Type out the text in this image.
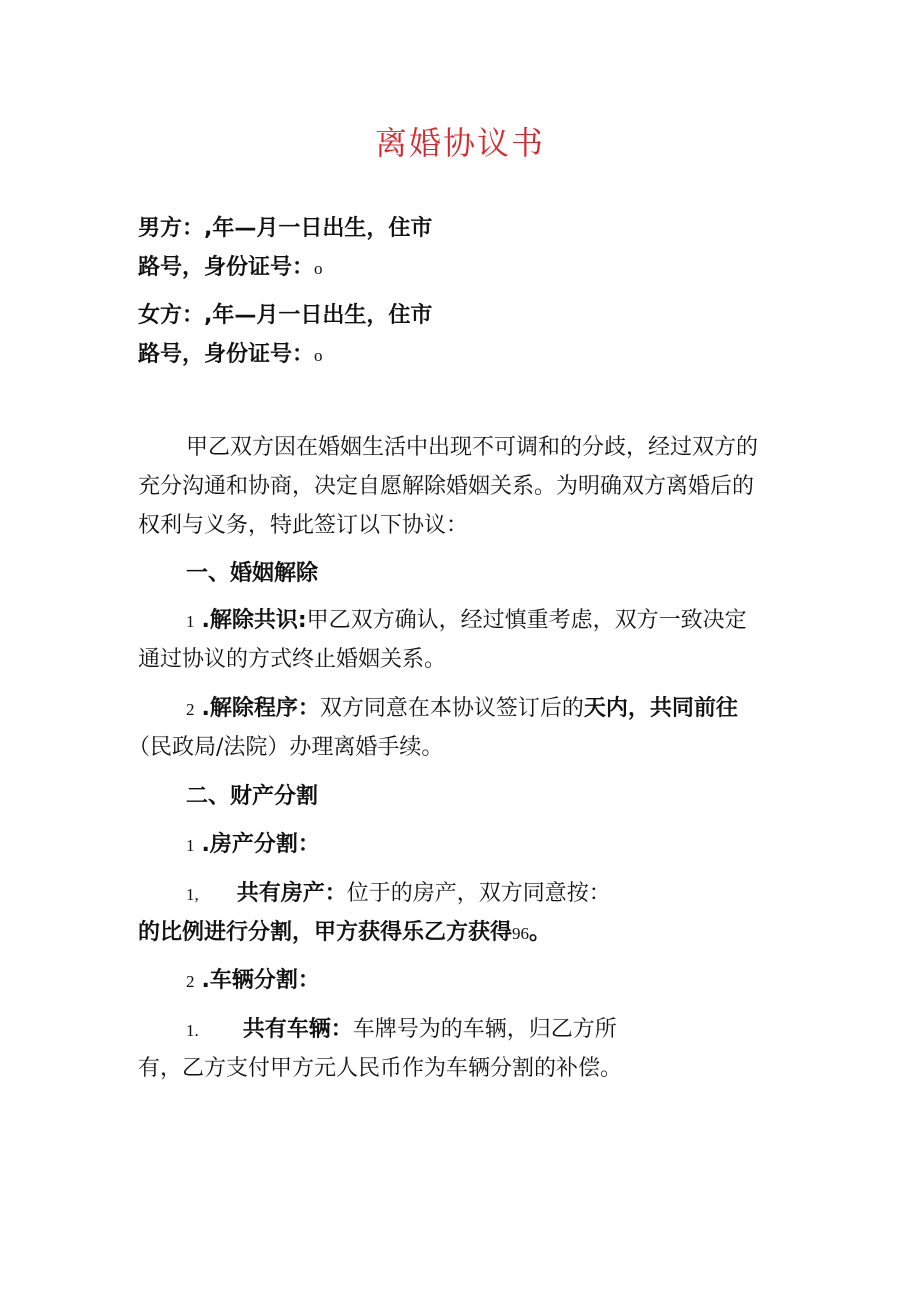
离婚协议书
男方：,年—月一日出生，住市
路号，身份证号：o
女方：,年—月一日出生，住市
路号，身份证号：o
甲乙双方因在婚姻生活中出现不可调和的分歧，经过双方的
充分沟通和协商，决定自愿解除婚姻关系。为明确双方离婚后的
权利与义务，特此签订以下协议：
一、婚姻解除
1 .解除共识:甲乙双方确认，经过慎重考虑，双方一致决定
通过协议的方式终止婚姻关系。
2 .解除程序：双方同意在本协议签订后的天内，共同前往
（民政局/法院）办理离婚手续。
二、财产分割
1 .房产分割：
1, 共有房产：位于的房产，双方同意按：
的比例进行分割，甲方获得乐乙方获得96。
2 .车辆分割：
1. 共有车辆：车牌号为的车辆，归乙方所
有，乙方支付甲方元人民币作为车辆分割的补偿。
